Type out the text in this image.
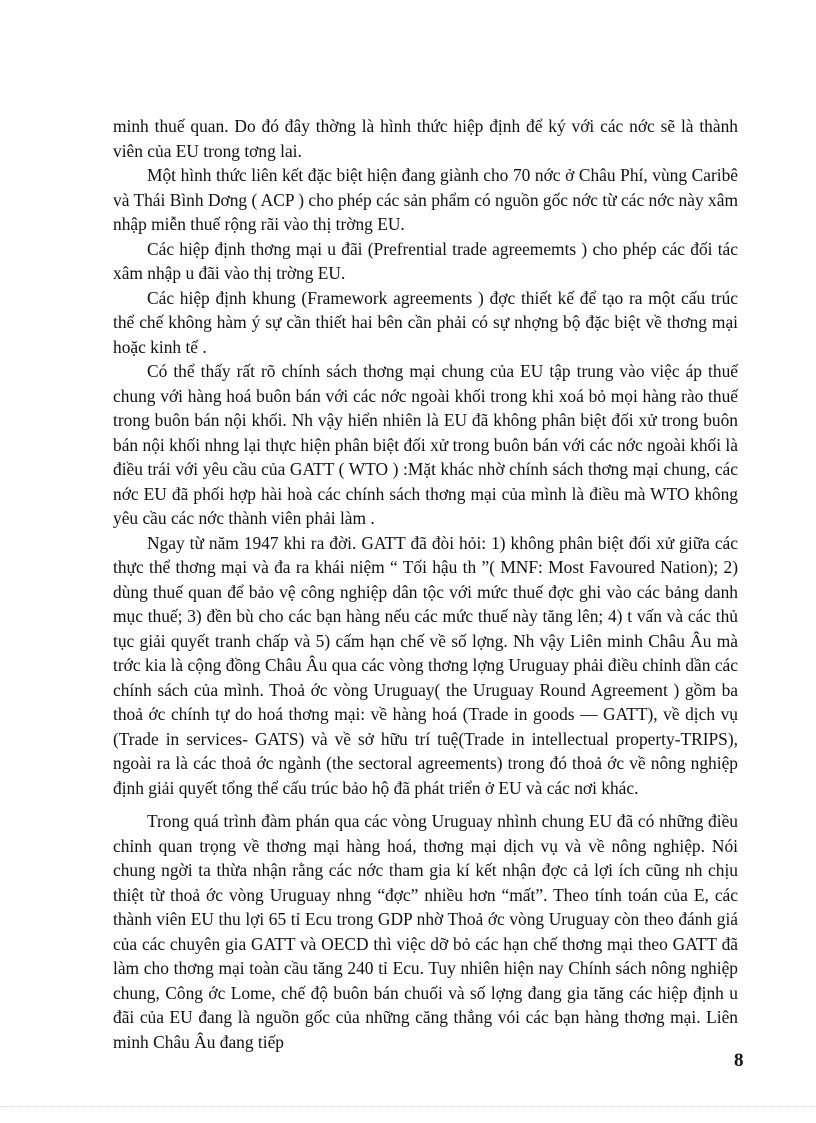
minh thuế quan. Do đó đây thờng là hình thức hiệp định để ký với các nớc sẽ là thành viên của EU trong tơng lai.

Một hình thức liên kết đặc biệt hiện đang giành cho 70 nớc ở Châu Phí, vùng Caribê và Thái Bình Dơng ( ACP ) cho phép các sản phẩm có nguồn gốc nớc từ các nớc này xâm nhập miễn thuế rộng rãi vào thị trờng EU.

Các hiệp định thơng mại u đãi (Prefrential trade agreememts ) cho phép các đối tác xâm nhập u đãi vào thị trờng EU.

Các hiệp định khung (Framework agreements ) đợc thiết kế để tạo ra một cấu trúc thể chế không hàm ý sự cần thiết hai bên cần phải có sự nhợng bộ đặc biệt về thơng mại hoặc kinh tế .

Có thể thấy rất rõ chính sách thơng mại chung của EU tập trung vào việc áp thuế chung với hàng hoá buôn bán với các nớc ngoài khối trong khi xoá bỏ mọi hàng rào thuế trong buôn bán nội khối. Nh vậy hiển nhiên là EU đã không phân biệt đối xử trong buôn bán nội khối nhng lại thực hiện phân biệt đối xử trong buôn bán với các nớc ngoài khối là điều trái với yêu cầu của GATT ( WTO ) :Mặt khác nhờ chính sách thơng mại chung, các nớc EU đã phối hợp hài hoà các chính sách thơng mại của mình là điều mà WTO không yêu cầu các nớc thành viên phải làm .

Ngay từ năm 1947 khi ra đời. GATT đã đòi hỏi: 1) không phân biệt đối xử giữa các thực thể thơng mại và đa ra khái niệm “ Tối hậu th ”( MNF: Most Favoured Nation); 2) dùng thuế quan để bảo vệ công nghiệp dân tộc với mức thuế đợc ghi vào các bảng danh mục thuế; 3) đền bù cho các bạn hàng nếu các mức thuế này tăng lên; 4) t vấn và các thủ tục giải quyết tranh chấp và 5) cấm hạn chế về số lợng. Nh vậy Liên minh Châu Âu mà trớc kia là cộng đồng Châu Âu qua các vòng thơng lợng Uruguay phải điều chỉnh dần các chính sách của mình. Thoả ớc vòng Uruguay( the Uruguay Round Agreement ) gồm ba thoả ớc chính tự do hoá thơng mại: về hàng hoá (Trade in goods — GATT), về dịch vụ (Trade in services- GATS) và về sở hữu trí tuệ(Trade in intellectual property-TRIPS), ngoài ra là các thoả ớc ngành (the sectoral agreements) trong đó thoả ớc về nông nghiệp định giải quyết tổng thể cấu trúc bảo hộ đã phát triển ở EU và các nơi khác.

Trong quá trình đàm phán qua các vòng Uruguay nhình chung EU đã có những điều chỉnh quan trọng về thơng mại hàng hoá, thơng mại dịch vụ và về nông nghiệp. Nói chung ngời ta thừa nhận rằng các nớc tham gia kí kết nhận đợc cả lợi ích cũng nh chịu thiệt từ thoả ớc vòng Uruguay nhng “đợc” nhiều hơn “mất”. Theo tính toán của E, các thành viên EU thu lợi 65 tỉ Ecu trong GDP nhờ Thoả ớc vòng Uruguay còn theo đánh giá của các chuyên gia GATT và OECD thì việc dỡ bỏ các hạn chế thơng mại theo GATT đã làm cho thơng mại toàn cầu tăng 240 tỉ Ecu. Tuy nhiên hiện nay Chính sách nông nghiệp chung, Công ớc Lome, chế độ buôn bán chuối và số lợng đang gia tăng các hiệp định u đãi của EU đang là nguồn gốc của những căng thẳng vói các bạn hàng thơng mại. Liên minh Châu Âu đang tiếp

8
